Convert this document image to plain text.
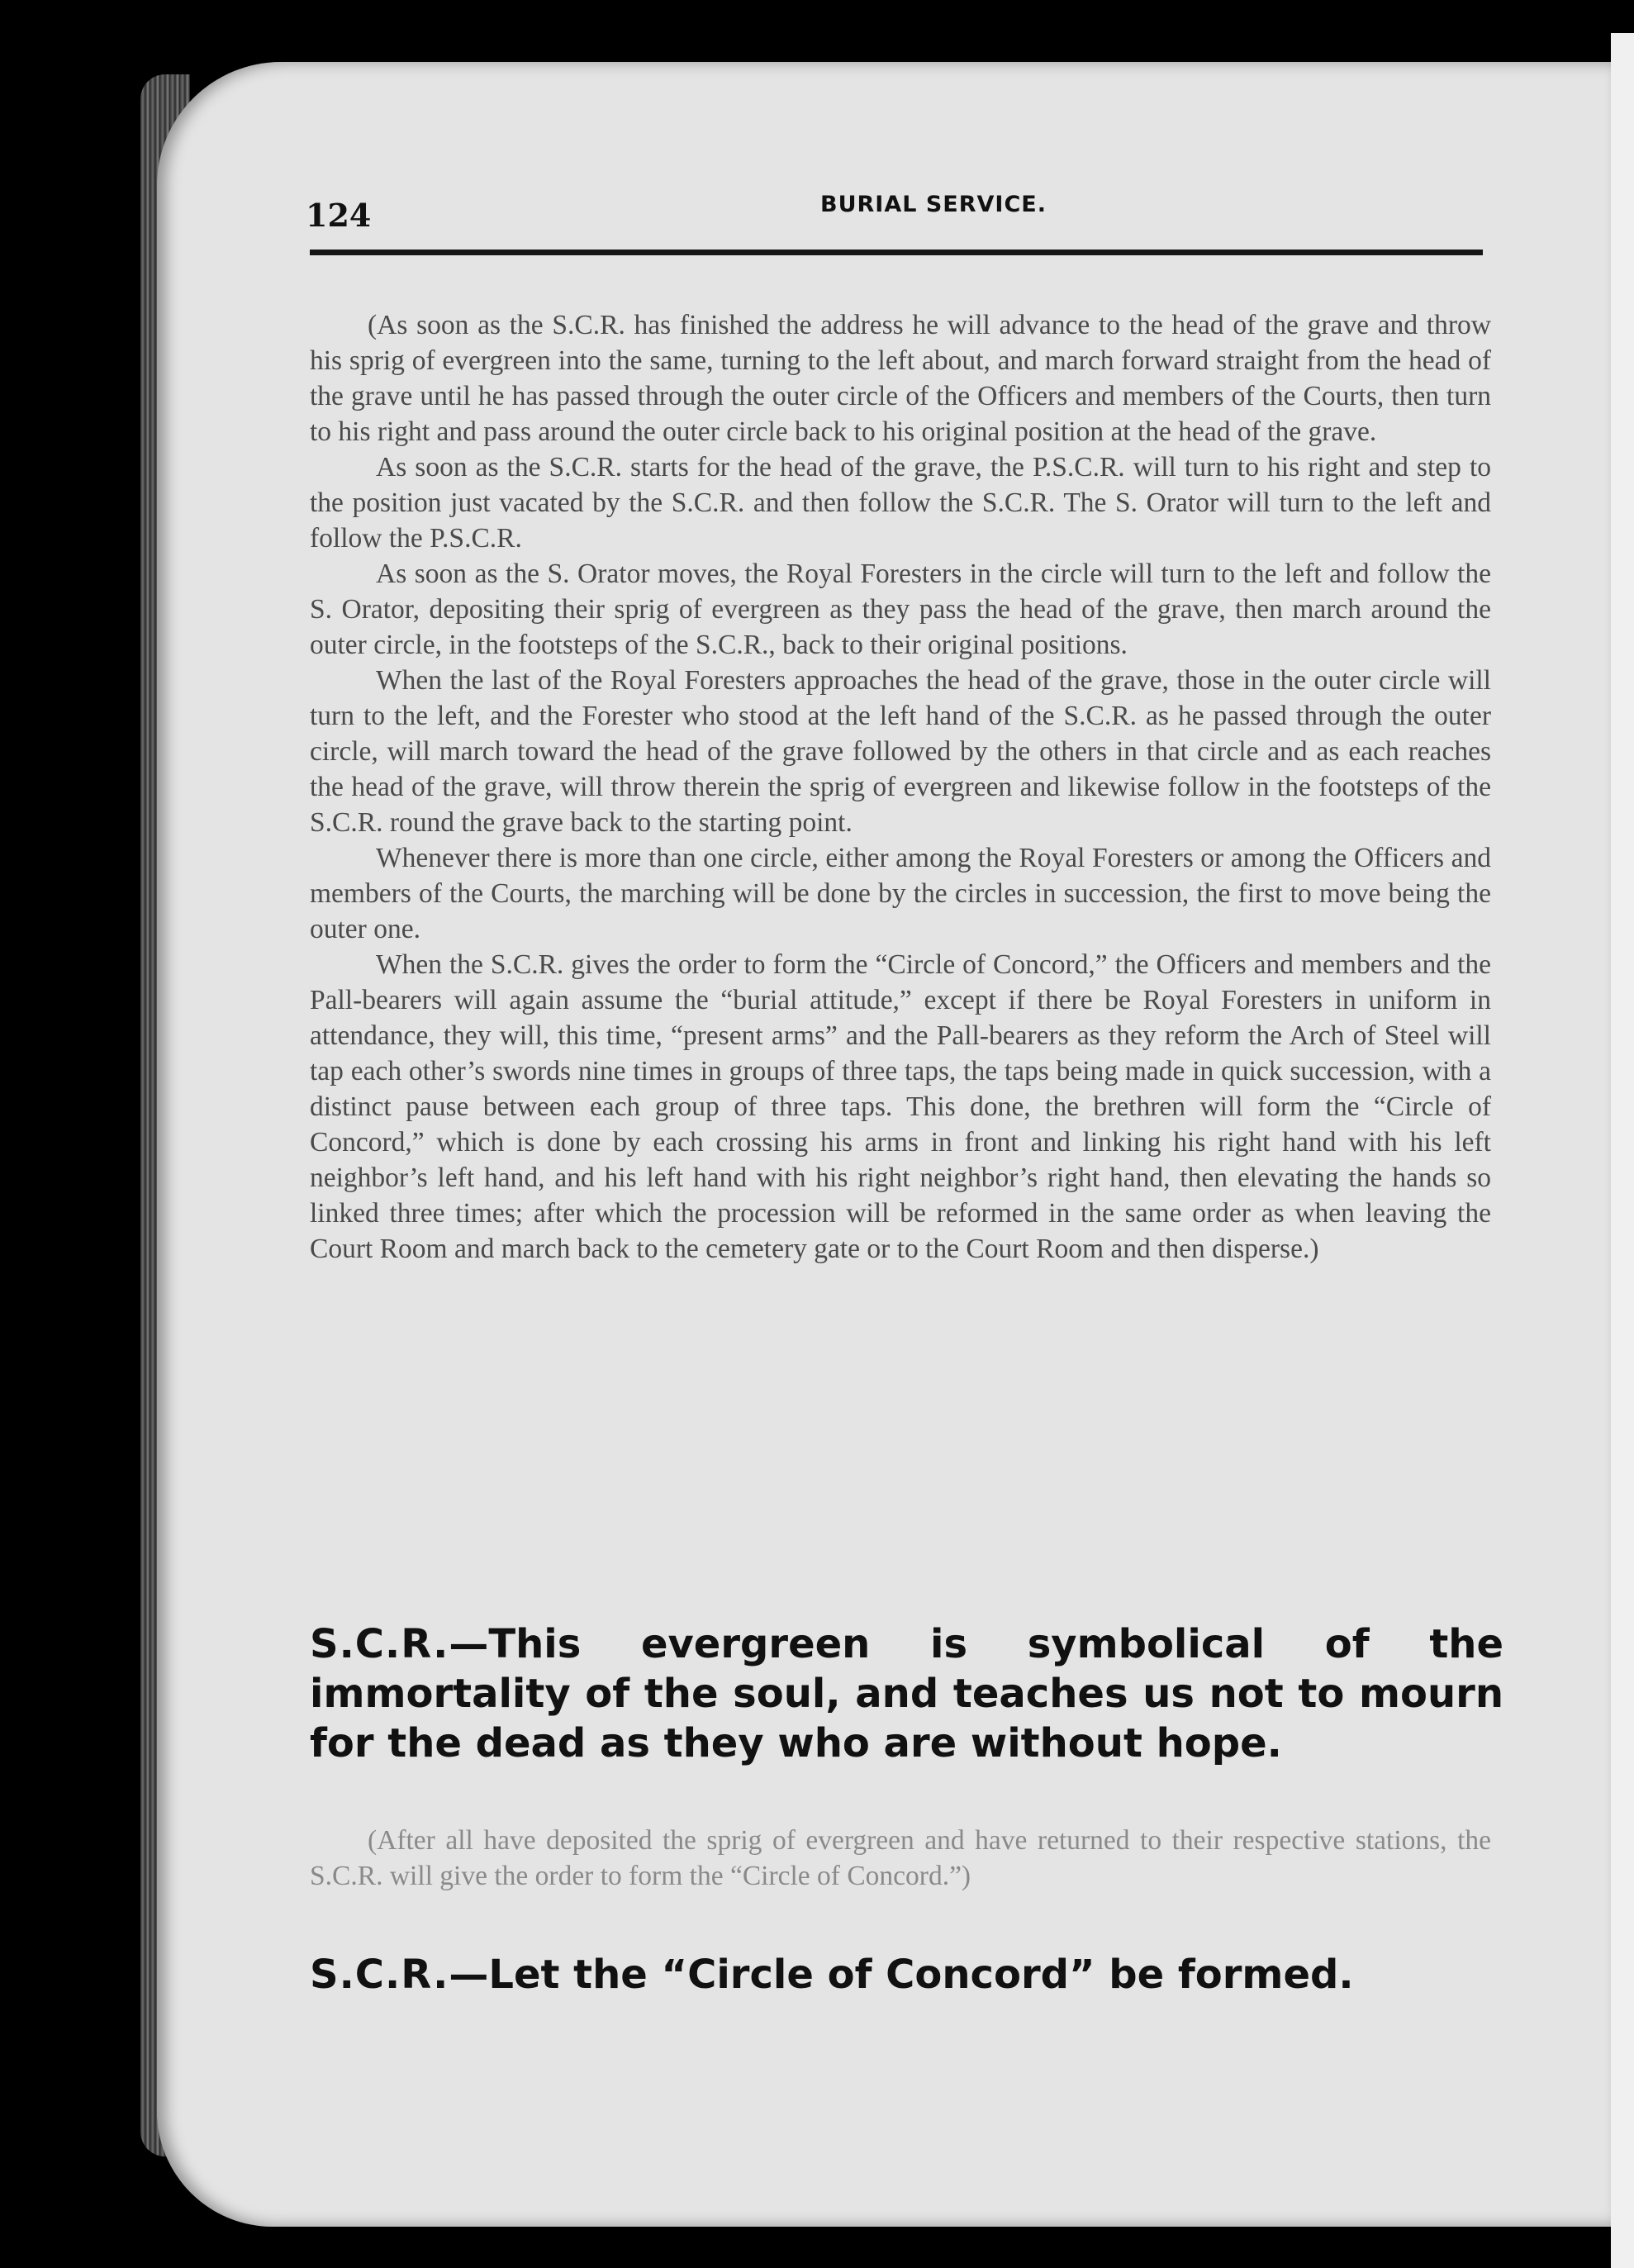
124	BURIAL SERVICE.

(As soon as the S.C.R. has finished the address he will advance to the head of the grave and throw his sprig of evergreen into the same, turning to the left about, and march forward straight from the head of the grave until he has passed through the outer circle of the Officers and members of the Courts, then turn to his right and pass around the outer circle back to his original position at the head of the grave.

As soon as the S.C.R. starts for the head of the grave, the P.S.C.R. will turn to his right and step to the position just vacated by the S.C.R. and then follow the S.C.R. The S. Orator will turn to the left and follow the P.S.C.R.

As soon as the S. Orator moves, the Royal Foresters in the circle will turn to the left and follow the S. Orator, depositing their sprig of evergreen as they pass the head of the grave, then march around the outer circle, in the footsteps of the S.C.R., back to their original positions.

When the last of the Royal Foresters approaches the head of the grave, those in the outer circle will turn to the left, and the Forester who stood at the left hand of the S.C.R. as he passed through the outer circle, will march toward the head of the grave followed by the others in that circle and as each reaches the head of the grave, will throw therein the sprig of evergreen and likewise follow in the footsteps of the S.C.R. round the grave back to the starting point.

Whenever there is more than one circle, either among the Royal Foresters or among the Officers and members of the Courts, the marching will be done by the circles in succession, the first to move being the outer one.

When the S.C.R. gives the order to form the “Circle of Concord,” the Officers and members and the Pall-bearers will again assume the “burial attitude,” except if there be Royal Foresters in uniform in attendance, they will, this time, “present arms” and the Pall-bearers as they reform the Arch of Steel will tap each other’s swords nine times in groups of three taps, the taps being made in quick succession, with a distinct pause between each group of three taps. This done, the brethren will form the “Circle of Concord,” which is done by each crossing his arms in front and linking his right hand with his left neighbor’s left hand, and his left hand with his right neighbor’s right hand, then elevating the hands so linked three times; after which the procession will be reformed in the same order as when leaving the Court Room and march back to the cemetery gate or to the Court Room and then disperse.)

S.C.R.—This evergreen is symbolical of the immortality of the soul, and teaches us not to mourn for the dead as they who are without hope.

(After all have deposited the sprig of evergreen and have returned to their respective stations, the S.C.R. will give the order to form the “Circle of Concord.”)

S.C.R.—Let the “Circle of Concord” be formed.
